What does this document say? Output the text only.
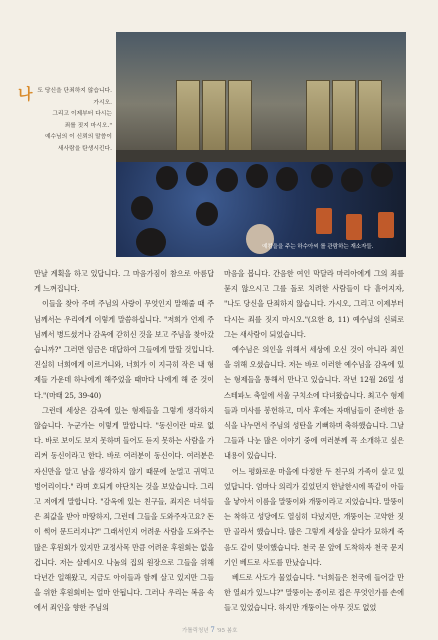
예컴을을 주는 하수아씨 를 관람하는 재소자들.
나 도 당신을 단죄하지 않습니다.
가시오.
그리고 이제부터 다시는
죄를 짓지 마시오."
예수님의 이 신뢰의 말씀이
새사람을 탄생시킨다.

만날 계획을 하고 있답니다. 그 마음가짐이 참으로 아름답게 느껴집니다.

이들을 찾아 주며 주님의 사랑이 무엇인지 말해줄 때 주님께서는 우리에게 이렇게 말씀하십니다. "저희가 언제 주님께서 병드셨거나 감옥에 갇히신 것을 보고 주님을 찾아갔습니까?" 그러면 임금은 대답하여 그들에게 말할 것입니다. 진실히 너희에게 이르거니와, 너희가 이 지극히 작은 내 형제들 가운데 하나에게 해주었을 때마다 나에게 해 준 것이다."(마태 25, 39-40)

그런데 세상은 감옥에 있는 형제들을 그렇게 생각하지 않습니다. 누군가는 이렇게 말합니다. "동신이란 따로 없다. 바로 보이도 보지 못하며 들어도 듣지 못하는 사람을 가리켜 동신이라고 한다. 바로 여러분이 동신이다. 여러분은 자신만을 알고 남을 생각하지 않기 때문에 눈멀고 귀먹고 벙어리이다." 라며 호되게 야단치는 것을 보았습니다. 그리고 저에게 말합니다. "감옥에 있는 친구들, 죄지은 녀석들은 죄값을 받아 마땅하지, 그런데 그들을 도와주자고요? 돈이 썩어 문드러지냐?" 그래서인지 어려운 사람을 도와주는 많은 후원회가 있지만 교정사목 만큼 어려운 후원회는 없을 겁니다. 저는 살레시오 나눔의 집의 원장으로 그들을 위해 다년간 일해왔고, 지금도 아이들과 함께 살고 있지만 그들을 위한 후원회비는 얼마 안됩니다. 그러나 우리는 복음 속에서 죄인을 향한 주님의

마음을 봅니다. 간음한 여인 막달라 마리아에게 그의 죄를 묻지 않으시고 그를 돌로 치려한 사람들이 다 흩어지자, "나도 당신을 단죄하지 않습니다. 가시오, 그리고 이제부터 다시는 죄를 짓지 마시오."(요한 8, 11) 예수님의 신뢰로 그는 새사람이 되었습니다.

예수님은 의인을 위해서 세상에 오신 것이 아니라 죄인을 위해 오셨습니다. 저는 바로 이러한 예수님을 감옥에 있는 형제들을 통해서 만나고 있습니다. 작년 12월 26일 성 스테파노 축일에 서울 구치소에 다녀왔습니다. 최고수 형제들과 미사를 봉헌하고, 미사 후에는 자매님들이 준비한 음식을 나누면서 주님의 성탄을 기뻐하며 축하했습니다. 그날 그들과 나눈 많은 이야기 중에 여러분께 꼭 소개하고 싶은 내용이 있습니다.

어느 평화로운 마을에 다정한 두 친구의 가족이 살고 있었답니다. 엄마나 의리가 깊었던지 한날한시에 똑같이 아들을 낳아서 이름을 말뚱이와 개뚱이라고 지었습니다. 말뚱이는 착하고 성당에도 열심히 다녔지만, 개뚱이는 고약한 짓만 골라서 했습니다. 많은 그렇게 세상을 살다가 묘하게 죽음도 같이 맞이했습니다. 천국 문 앞에 도착하자 천국 문지기인 베드로 사도를 만났습니다.

베드로 사도가 물었습니다. "너희들은 천국에 들어갈 만한 열쇠가 있느냐?" 말뚱이는 종이로 접은 무엇인가를 손에 들고 있었습니다. 하지만 개뚱이는 아무 것도 없었

가톨릭청년 7 '95 봄호
